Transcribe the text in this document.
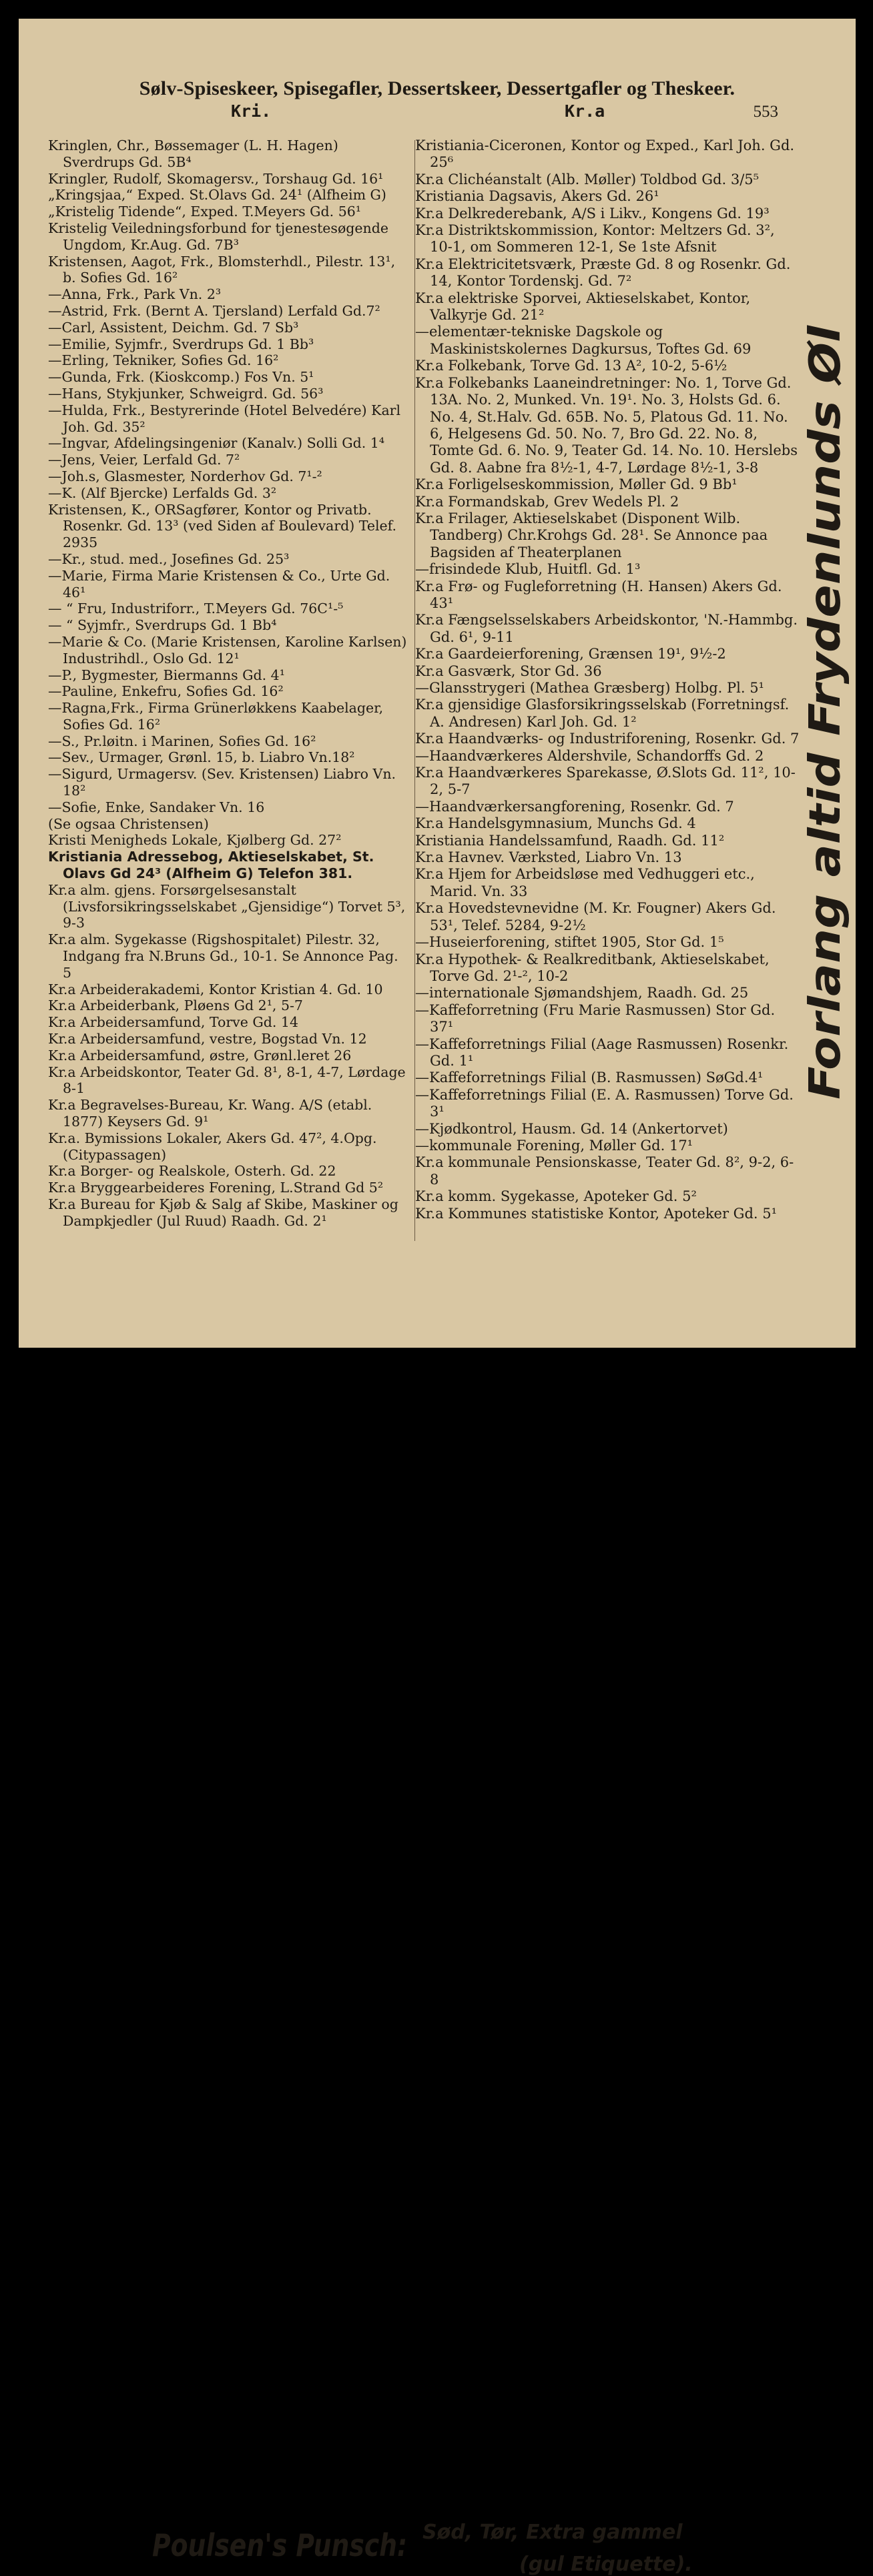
Sølv-Spiseskeer, Spisegafler, Dessertskeer, Dessertgafler og Theskeer.
Kri.	Kr.a	553

Kringlen, Chr., Bøssemager (L. H. Hagen) Sverdrups Gd. 5B⁴

Kringler, Rudolf, Skomagersv., Torshaug Gd. 16¹

„Kringsjaa,“ Exped. St.Olavs Gd. 24¹ (Alfheim G)

„Kristelig Tidende“, Exped. T.Meyers Gd. 56¹

Kristelig Veiledningsforbund for tjenestesøgende Ungdom, Kr.Aug. Gd. 7B³

Kristensen, Aagot, Frk., Blomsterhdl., Pilestr. 13¹, b. Sofies Gd. 16²

—Anna, Frk., Park Vn. 2³

—Astrid, Frk. (Bernt A. Tjersland) Lerfald Gd.7²

—Carl, Assistent, Deichm. Gd. 7 Sb³

—Emilie, Syjmfr., Sverdrups Gd. 1 Bb³

—Erling, Tekniker, Sofies Gd. 16²

—Gunda, Frk. (Kioskcomp.) Fos Vn. 5¹

—Hans, Stykjunker, Schweigrd. Gd. 56³

—Hulda, Frk., Bestyrerinde (Hotel Belvedére) Karl Joh. Gd. 35²

—Ingvar, Afdelingsingeniør (Kanalv.) Solli Gd. 1⁴

—Jens, Veier, Lerfald Gd. 7²

—Joh.s, Glasmester, Norderhov Gd. 7¹-²

—K. (Alf Bjercke) Lerfalds Gd. 3²

Kristensen, K., ORSagfører, Kontor og Privatb. Rosenkr. Gd. 13³ (ved Siden af Boulevard) Telef. 2935

—Kr., stud. med., Josefines Gd. 25³

—Marie, Firma Marie Kristensen & Co., Urte Gd. 46¹

— “ Fru, Industriforr., T.Meyers Gd. 76C¹-⁵

— “ Syjmfr., Sverdrups Gd. 1 Bb⁴

—Marie & Co. (Marie Kristensen, Karoline Karlsen) Industrihdl., Oslo Gd. 12¹

—P., Bygmester, Biermanns Gd. 4¹

—Pauline, Enkefru, Sofies Gd. 16²

—Ragna,Frk., Firma Grünerløkkens Kaabelager, Sofies Gd. 16²

—S., Pr.løitn. i Marinen, Sofies Gd. 16²

—Sev., Urmager, Grønl. 15, b. Liabro Vn.18²

—Sigurd, Urmagersv. (Sev. Kristensen) Liabro Vn. 18²

—Sofie, Enke, Sandaker Vn. 16

(Se ogsaa Christensen)

Kristi Menigheds Lokale, Kjølberg Gd. 27²

Kristiania Adressebog, Aktieselskabet, St. Olavs Gd 24³ (Alfheim G) Telefon 381.

Kr.a alm. gjens. Forsørgelsesanstalt (Livsforsikringsselskabet „Gjensidige“) Torvet 5³, 9-3

Kr.a alm. Sygekasse (Rigshospitalet) Pilestr. 32, Indgang fra N.Bruns Gd., 10-1. Se Annonce Pag. 5

Kr.a Arbeiderakademi, Kontor Kristian 4. Gd. 10

Kr.a Arbeiderbank, Pløens Gd 2¹, 5-7

Kr.a Arbeidersamfund, Torve Gd. 14

Kr.a Arbeidersamfund, vestre, Bogstad Vn. 12

Kr.a Arbeidersamfund, østre, Grønl.leret 26

Kr.a Arbeidskontor, Teater Gd. 8¹, 8-1, 4-7, Lørdage 8-1

Kr.a Begravelses-Bureau, Kr. Wang. A/S (etabl. 1877) Keysers Gd. 9¹

Kr.a. Bymissions Lokaler, Akers Gd. 47², 4.Opg. (Citypassagen)

Kr.a Borger- og Realskole, Osterh. Gd. 22

Kr.a Bryggearbeideres Forening, L.Strand Gd 5²

Kr.a Bureau for Kjøb & Salg af Skibe, Maskiner og Dampkjedler (Jul Ruud) Raadh. Gd. 2¹

Kristiania-Ciceronen, Kontor og Exped., Karl Joh. Gd. 25⁶

Kr.a Clichéanstalt (Alb. Møller) Toldbod Gd. 3/5⁵

Kristiania Dagsavis, Akers Gd. 26¹

Kr.a Delkrederebank, A/S i Likv., Kongens Gd. 19³

Kr.a Distriktskommission, Kontor: Meltzers Gd. 3², 10-1, om Sommeren 12-1, Se 1ste Afsnit

Kr.a Elektricitetsværk, Præste Gd. 8 og Rosenkr. Gd. 14, Kontor Tordenskj. Gd. 7²

Kr.a elektriske Sporvei, Aktieselskabet, Kontor, Valkyrje Gd. 21²

—elementær-tekniske Dagskole og Maskinistskolernes Dagkursus, Toftes Gd. 69

Kr.a Folkebank, Torve Gd. 13 A², 10-2, 5-6½

Kr.a Folkebanks Laaneindretninger: No. 1, Torve Gd. 13A. No. 2, Munked. Vn. 19¹. No. 3, Holsts Gd. 6. No. 4, St.Halv. Gd. 65B. No. 5, Platous Gd. 11. No. 6, Helgesens Gd. 50. No. 7, Bro Gd. 22. No. 8, Tomte Gd. 6. No. 9, Teater Gd. 14. No. 10. Herslebs Gd. 8. Aabne fra 8½-1, 4-7, Lørdage 8½-1, 3-8

Kr.a Forligelseskommission, Møller Gd. 9 Bb¹

Kr.a Formandskab, Grev Wedels Pl. 2

Kr.a Frilager, Aktieselskabet (Disponent Wilb. Tandberg) Chr.Krohgs Gd. 28¹. Se Annonce paa Bagsiden af Theaterplanen

—frisindede Klub, Huitfl. Gd. 1³

Kr.a Frø- og Fugleforretning (H. Hansen) Akers Gd. 43¹

Kr.a Fængselsselskabers Arbeidskontor, 'N.-Hammbg. Gd. 6¹, 9-11

Kr.a Gaardeierforening, Grænsen 19¹, 9½-2

Kr.a Gasværk, Stor Gd. 36

—Glansstrygeri (Mathea Græsberg) Holbg. Pl. 5¹

Kr.a gjensidige Glasforsikringsselskab (Forretningsf. A. Andresen) Karl Joh. Gd. 1²

Kr.a Haandværks- og Industriforening, Rosenkr. Gd. 7

—Haandværkeres Aldershvile, Schandorffs Gd. 2

Kr.a Haandværkeres Sparekasse, Ø.Slots Gd. 11², 10-2, 5-7

—Haandværkersangforening, Rosenkr. Gd. 7

Kr.a Handelsgymnasium, Munchs Gd. 4

Kristiania Handelssamfund, Raadh. Gd. 11²

Kr.a Havnev. Værksted, Liabro Vn. 13

Kr.a Hjem for Arbeidsløse med Vedhuggeri etc., Marid. Vn. 33

Kr.a Hovedstevnevidne (M. Kr. Fougner) Akers Gd. 53¹, Telef. 5284, 9-2½

—Huseierforening, stiftet 1905, Stor Gd. 1⁵

Kr.a Hypothek- & Realkreditbank, Aktieselskabet, Torve Gd. 2¹-², 10-2

—internationale Sjømandshjem, Raadh. Gd. 25

—Kaffeforretning (Fru Marie Rasmussen) Stor Gd. 37¹

—Kaffeforretnings Filial (Aage Rasmussen) Rosenkr. Gd. 1¹

—Kaffeforretnings Filial (B. Rasmussen) SøGd.4¹

—Kaffeforretnings Filial (E. A. Rasmussen) Torve Gd. 3¹

—Kjødkontrol, Hausm. Gd. 14 (Ankertorvet)

—kommunale Forening, Møller Gd. 17¹

Kr.a kommunale Pensionskasse, Teater Gd. 8², 9-2, 6-8

Kr.a komm. Sygekasse, Apoteker Gd. 5²

Kr.a Kommunes statistiske Kontor, Apoteker Gd. 5¹

Forlang altid Frydenlunds Øl
Poulsen's Punsch: Sød, Tør, Extra gammel
(gul Etiquette).
